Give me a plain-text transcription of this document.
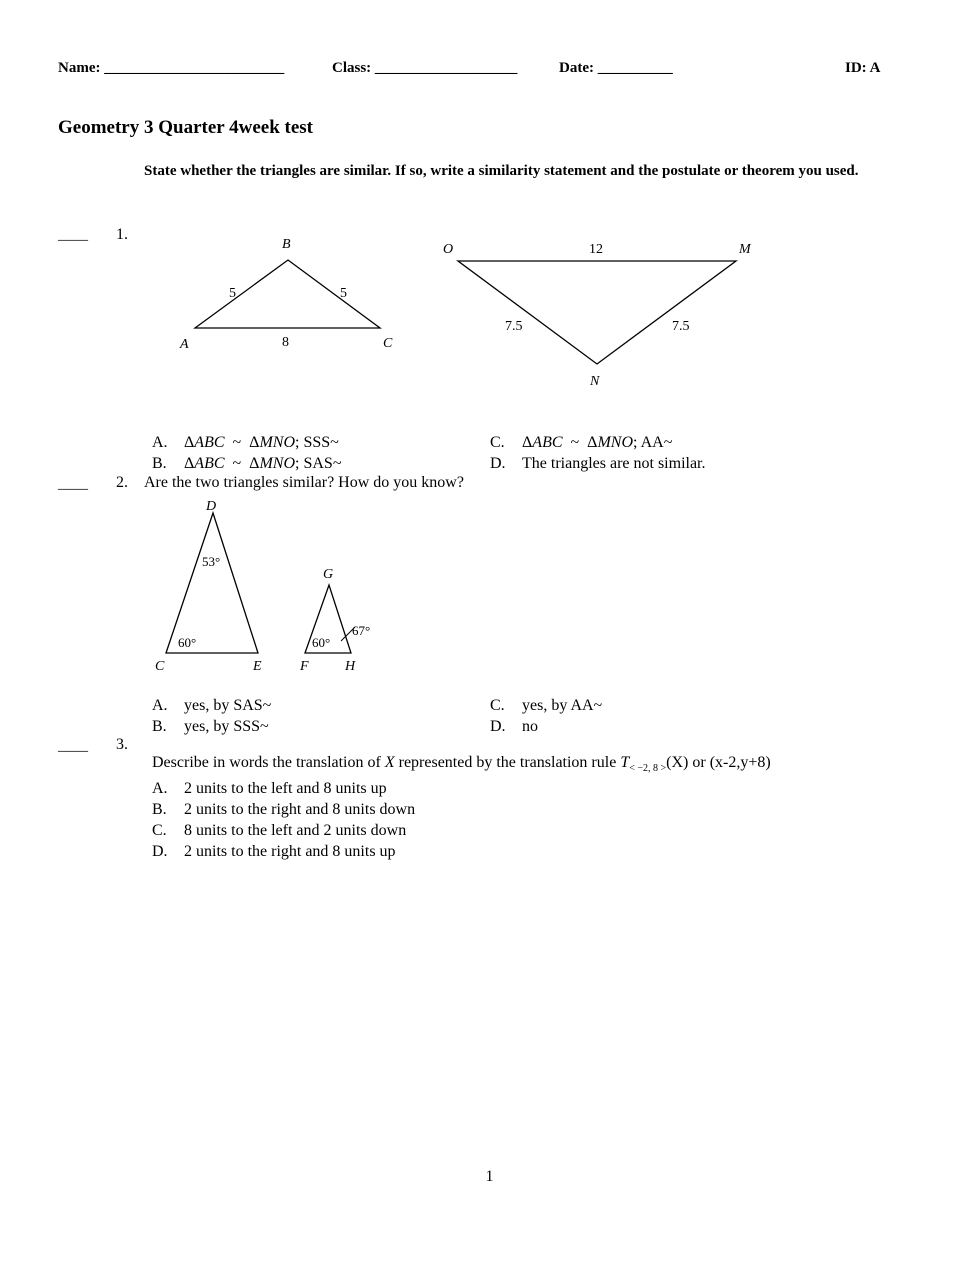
Name: ________________________	Class: ___________________	Date: __________	ID: A
Geometry 3 Quarter 4week test
State whether the triangles are similar. If so, write a similarity statement and the postulate or theorem you used.
____ 1.
B
A	C
5	5
8
O	M
N
12
7.5	7.5

A. ΔABC  ~  ΔMNO; SSS~

B. ΔABC  ~  ΔMNO; SAS~

C. ΔABC  ~  ΔMNO; AA~

D. The triangles are not similar.

____ 2. Are the two triangles similar? How do you know?
D
C	E
53°
60°
G
F	H
60°
67°

A. yes, by SAS~

B. yes, by SSS~

C. yes, by AA~

D. no

____ 3.

Describe in words the translation of X represented by the translation rule $T_{< -2, 8 >}(X)$ or (x-2,y+8)

A. 2 units to the left and 8 units up

B. 2 units to the right and 8 units down

C. 8 units to the left and 2 units down

D. 2 units to the right and 8 units up

1
